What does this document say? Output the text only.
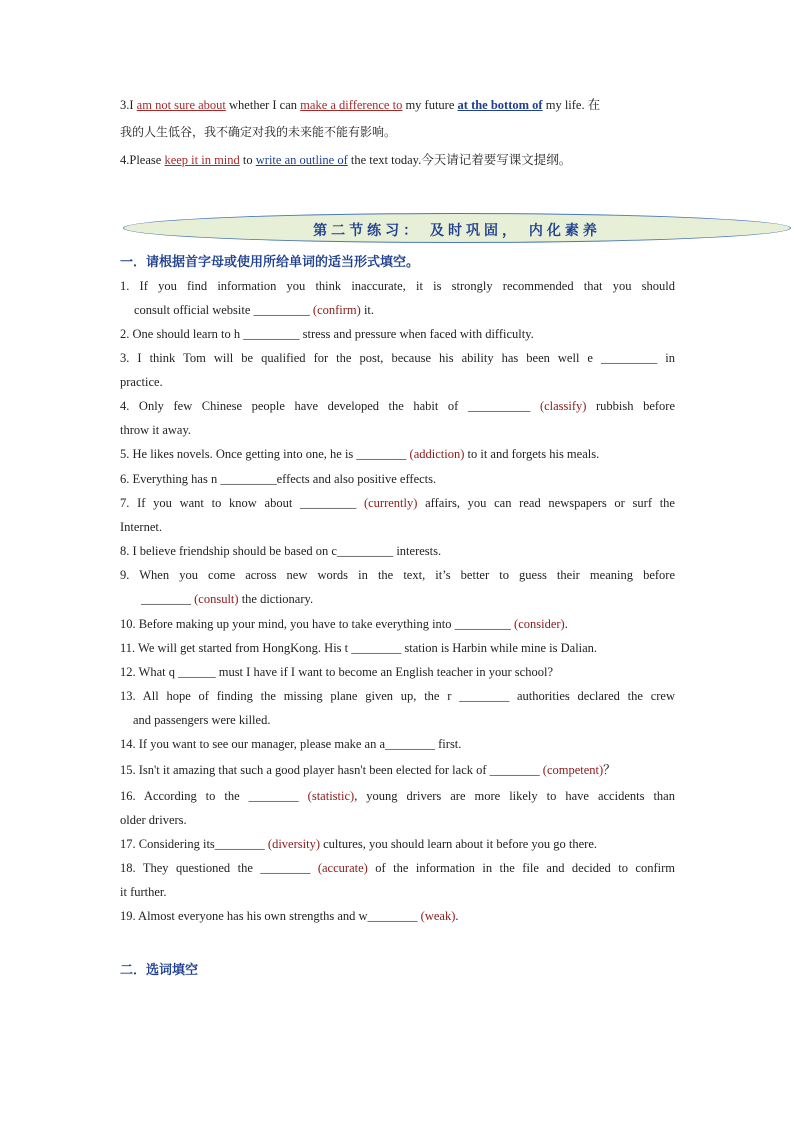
3.I am not sure about whether I can make a difference to my future at the bottom of my life. 在
我的人生低谷，我不确定对我的未来能不能有影响。
4.Please keep it in mind to write an outline of the text today.今天请记着要写课文提纲。
第二节练习： 及时巩固， 内化素养
一．请根据首字母或使用所给单词的适当形式填空。
1. If you find information you think inaccurate, it is strongly recommended that you should
consult official website _________ (confirm) it.
2. One should learn to h _________ stress and pressure when faced with difficulty.
3. I think Tom will be qualified for the post, because his ability has been well e _________ in
practice.
4. Only few Chinese people have developed the habit of __________ (classify) rubbish before
throw it away.
5. He likes novels. Once getting into one, he is ________ (addiction) to it and forgets his meals.
6. Everything has n _________effects and also positive effects.
7. If you want to know about _________ (currently) affairs, you can read newspapers or surf the
Internet.
8. I believe friendship should be based on c_________ interests.
9. When you come across new words in the text, it’s better to guess their meaning before
________ (consult) the dictionary.
10. Before making up your mind, you have to take everything into _________ (consider).
11. We will get started from HongKong. His t ________ station is Harbin while mine is Dalian.
12. What q ______ must I have if I want to become an English teacher in your school?
13. All hope of finding the missing plane given up, the r ________ authorities declared the crew
and passengers were killed.
14. If you want to see our manager, please make an a________ first.
15. Isn't it amazing that such a good player hasn't been elected for lack of ________ (competent)？
16. According to the ________ (statistic), young drivers are more likely to have accidents than
older drivers.
17. Considering its________ (diversity) cultures, you should learn about it before you go there.
18. They questioned the ________ (accurate) of the information in the file and decided to confirm
it further.
19. Almost everyone has his own strengths and w________ (weak).
二．选词填空
